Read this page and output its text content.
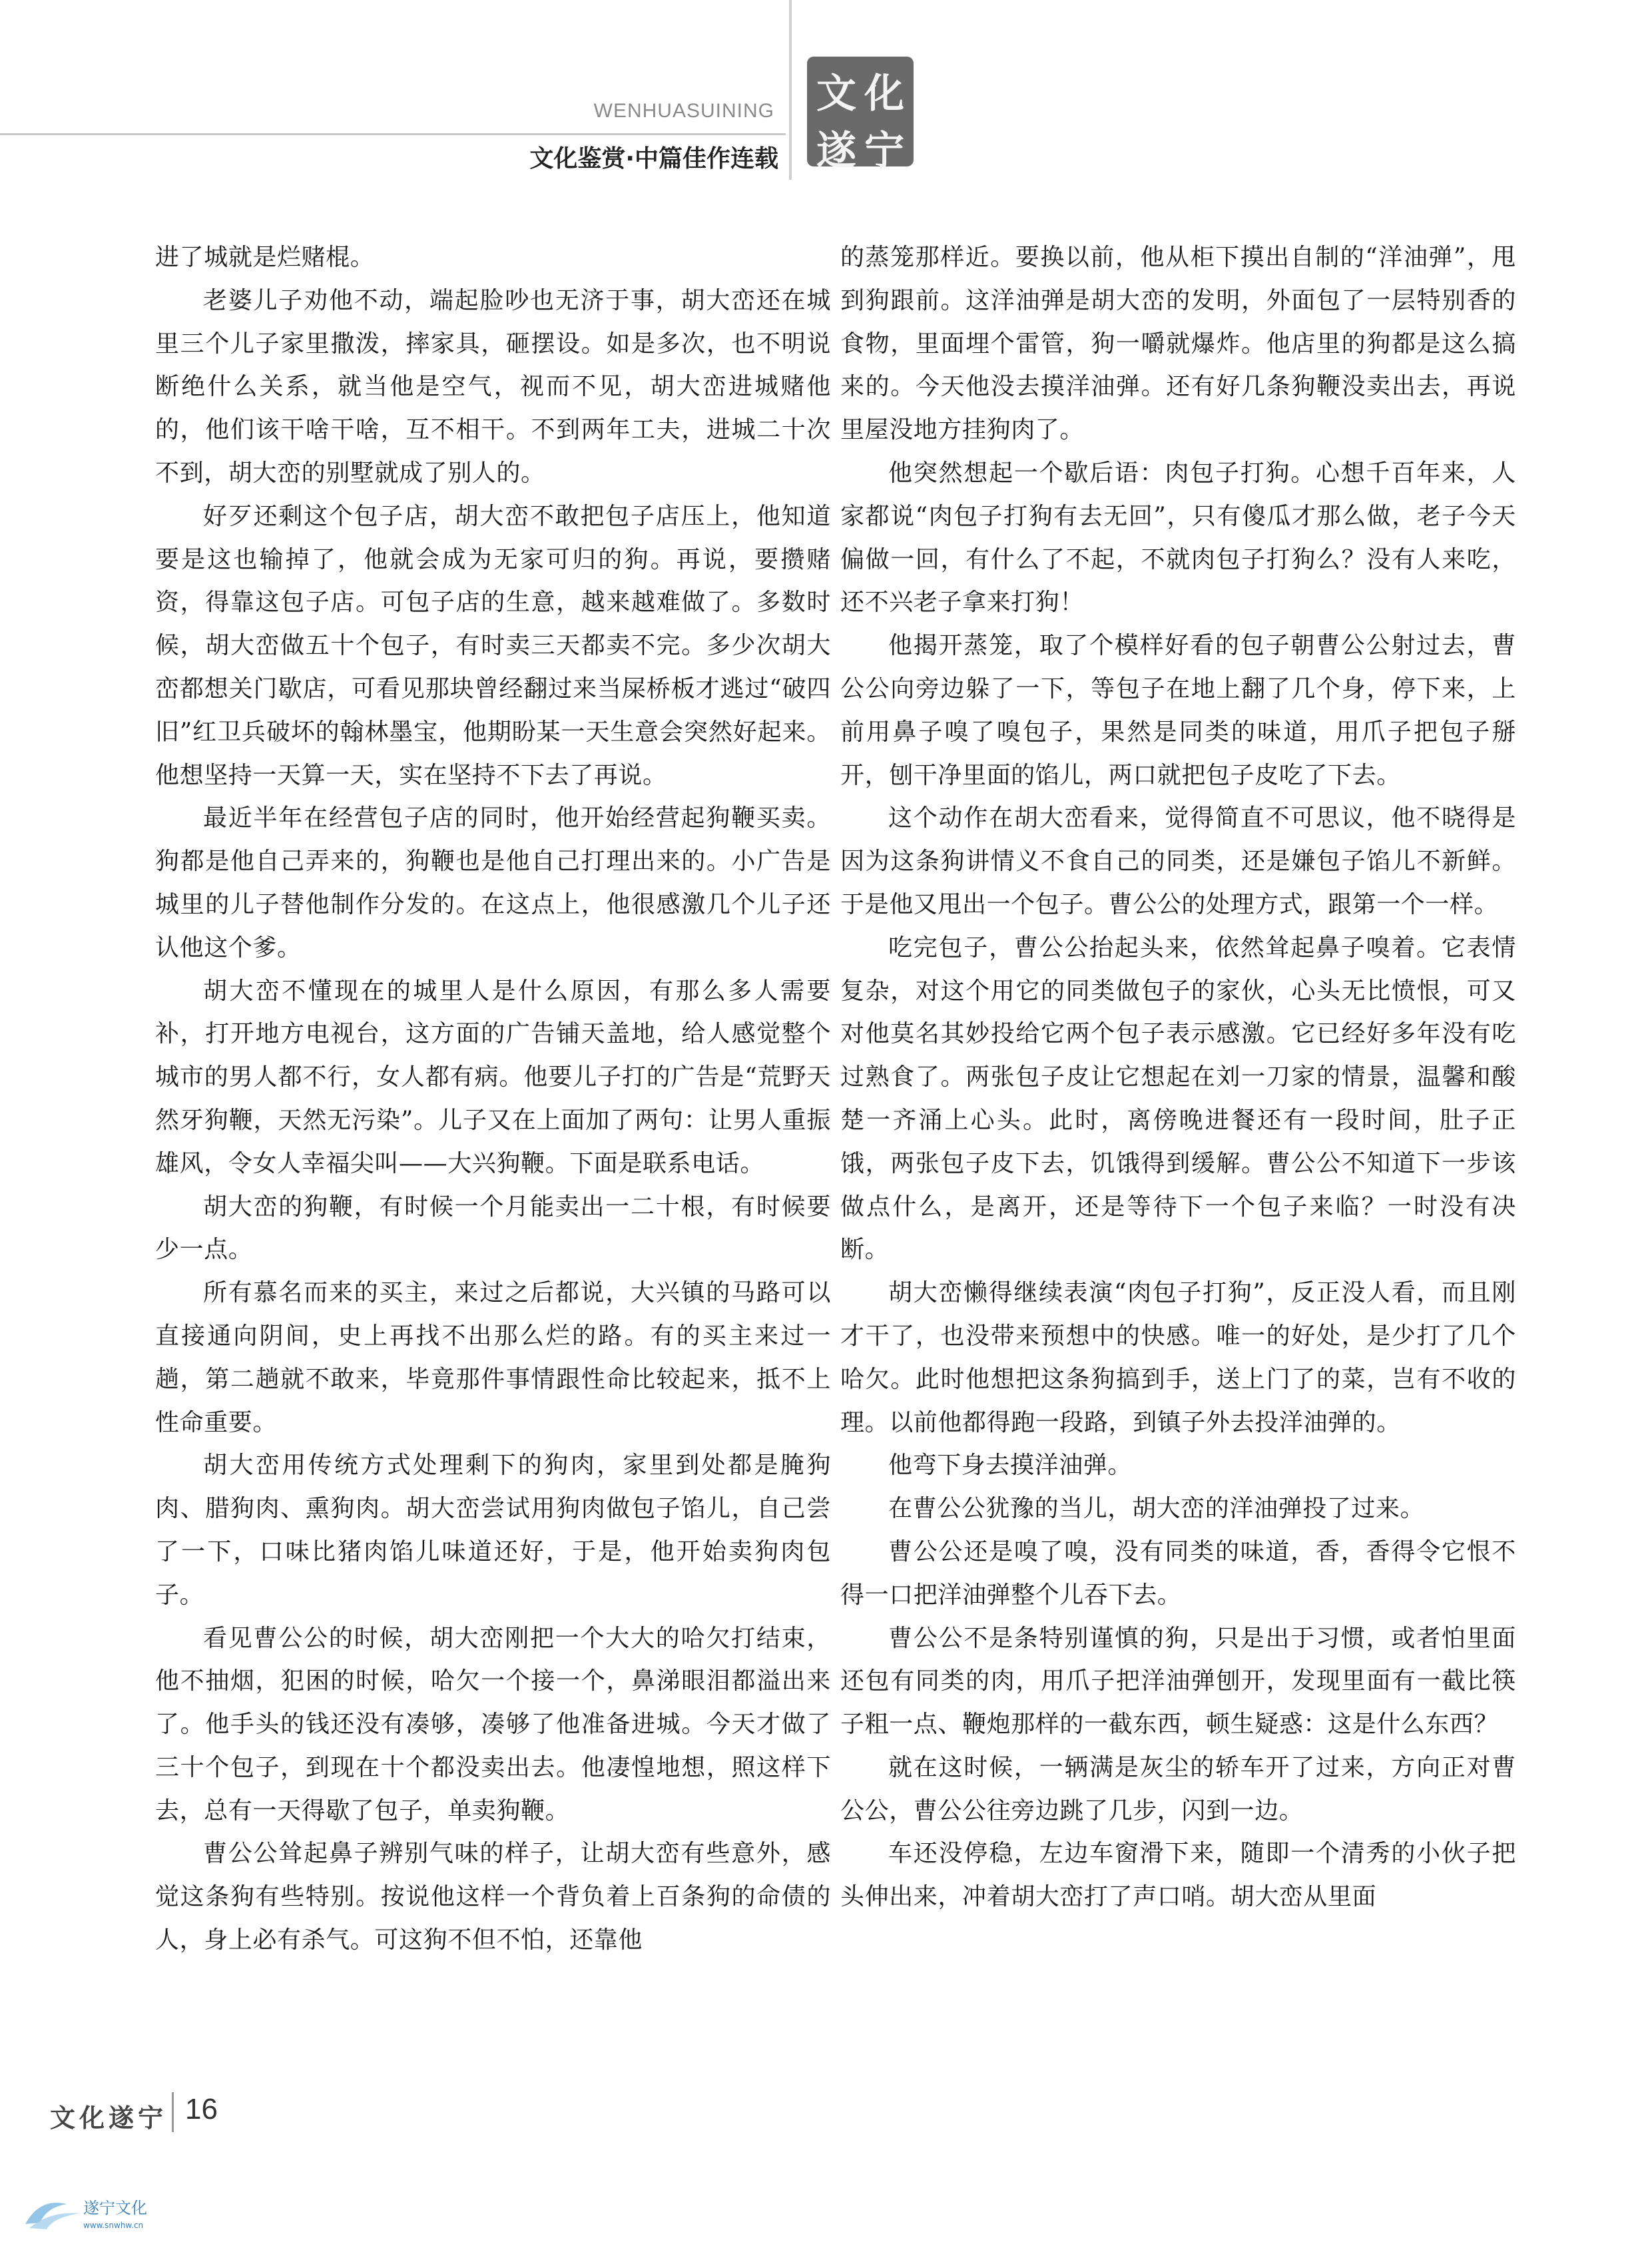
WENHUASUINING
文化鉴赏·中篇佳作连载
文 化
遂 宁

进了城就是烂赌棍。

老婆儿子劝他不动，端起脸吵也无济于事，胡大峦还在城里三个儿子家里撒泼，摔家具，砸摆设。如是多次，也不明说断绝什么关系，就当他是空气，视而不见，胡大峦进城赌他的，他们该干啥干啥，互不相干。不到两年工夫，进城二十次不到，胡大峦的别墅就成了别人的。

好歹还剩这个包子店，胡大峦不敢把包子店压上，他知道要是这也输掉了，他就会成为无家可归的狗。再说，要攒赌资，得靠这包子店。可包子店的生意，越来越难做了。多数时候，胡大峦做五十个包子，有时卖三天都卖不完。多少次胡大峦都想关门歇店，可看见那块曾经翻过来当屎桥板才逃过“破四旧”红卫兵破坏的翰林墨宝，他期盼某一天生意会突然好起来。他想坚持一天算一天，实在坚持不下去了再说。

最近半年在经营包子店的同时，他开始经营起狗鞭买卖。狗都是他自己弄来的，狗鞭也是他自己打理出来的。小广告是城里的儿子替他制作分发的。在这点上，他很感激几个儿子还认他这个爹。

胡大峦不懂现在的城里人是什么原因，有那么多人需要补，打开地方电视台，这方面的广告铺天盖地，给人感觉整个城市的男人都不行，女人都有病。他要儿子打的广告是“荒野天然牙狗鞭，天然无污染”。儿子又在上面加了两句：让男人重振雄风，令女人幸福尖叫——大兴狗鞭。下面是联系电话。

胡大峦的狗鞭，有时候一个月能卖出一二十根，有时候要少一点。

所有慕名而来的买主，来过之后都说，大兴镇的马路可以直接通向阴间，史上再找不出那么烂的路。有的买主来过一趟，第二趟就不敢来，毕竟那件事情跟性命比较起来，抵不上性命重要。

胡大峦用传统方式处理剩下的狗肉，家里到处都是腌狗肉、腊狗肉、熏狗肉。胡大峦尝试用狗肉做包子馅儿，自己尝了一下，口味比猪肉馅儿味道还好，于是，他开始卖狗肉包子。

看见曹公公的时候，胡大峦刚把一个大大的哈欠打结束，他不抽烟，犯困的时候，哈欠一个接一个，鼻涕眼泪都溢出来了。他手头的钱还没有凑够，凑够了他准备进城。今天才做了三十个包子，到现在十个都没卖出去。他凄惶地想，照这样下去，总有一天得歇了包子，单卖狗鞭。

曹公公耸起鼻子辨别气味的样子，让胡大峦有些意外，感觉这条狗有些特别。按说他这样一个背负着上百条狗的命债的人，身上必有杀气。可这狗不但不怕，还靠他

的蒸笼那样近。要换以前，他从柜下摸出自制的“洋油弹”，甩到狗跟前。这洋油弹是胡大峦的发明，外面包了一层特别香的食物，里面埋个雷管，狗一嚼就爆炸。他店里的狗都是这么搞来的。今天他没去摸洋油弹。还有好几条狗鞭没卖出去，再说里屋没地方挂狗肉了。

他突然想起一个歇后语：肉包子打狗。心想千百年来，人家都说“肉包子打狗有去无回”，只有傻瓜才那么做，老子今天偏做一回，有什么了不起，不就肉包子打狗么？没有人来吃，还不兴老子拿来打狗！

他揭开蒸笼，取了个模样好看的包子朝曹公公射过去，曹公公向旁边躲了一下，等包子在地上翻了几个身，停下来，上前用鼻子嗅了嗅包子，果然是同类的味道，用爪子把包子掰开，刨干净里面的馅儿，两口就把包子皮吃了下去。

这个动作在胡大峦看来，觉得简直不可思议，他不晓得是因为这条狗讲情义不食自己的同类，还是嫌包子馅儿不新鲜。于是他又甩出一个包子。曹公公的处理方式，跟第一个一样。

吃完包子，曹公公抬起头来，依然耸起鼻子嗅着。它表情复杂，对这个用它的同类做包子的家伙，心头无比愤恨，可又对他莫名其妙投给它两个包子表示感激。它已经好多年没有吃过熟食了。两张包子皮让它想起在刘一刀家的情景，温馨和酸楚一齐涌上心头。此时，离傍晚进餐还有一段时间，肚子正饿，两张包子皮下去，饥饿得到缓解。曹公公不知道下一步该做点什么，是离开，还是等待下一个包子来临？一时没有决断。

胡大峦懒得继续表演“肉包子打狗”，反正没人看，而且刚才干了，也没带来预想中的快感。唯一的好处，是少打了几个哈欠。此时他想把这条狗搞到手，送上门了的菜，岂有不收的理。以前他都得跑一段路，到镇子外去投洋油弹的。

他弯下身去摸洋油弹。

在曹公公犹豫的当儿，胡大峦的洋油弹投了过来。

曹公公还是嗅了嗅，没有同类的味道，香，香得令它恨不得一口把洋油弹整个儿吞下去。

曹公公不是条特别谨慎的狗，只是出于习惯，或者怕里面还包有同类的肉，用爪子把洋油弹刨开，发现里面有一截比筷子粗一点、鞭炮那样的一截东西，顿生疑惑：这是什么东西？

就在这时候，一辆满是灰尘的轿车开了过来，方向正对曹公公，曹公公往旁边跳了几步，闪到一边。

车还没停稳，左边车窗滑下来，随即一个清秀的小伙子把头伸出来，冲着胡大峦打了声口哨。胡大峦从里面

文化遂宁 16
遂宁文化
www.snwhw.cn
